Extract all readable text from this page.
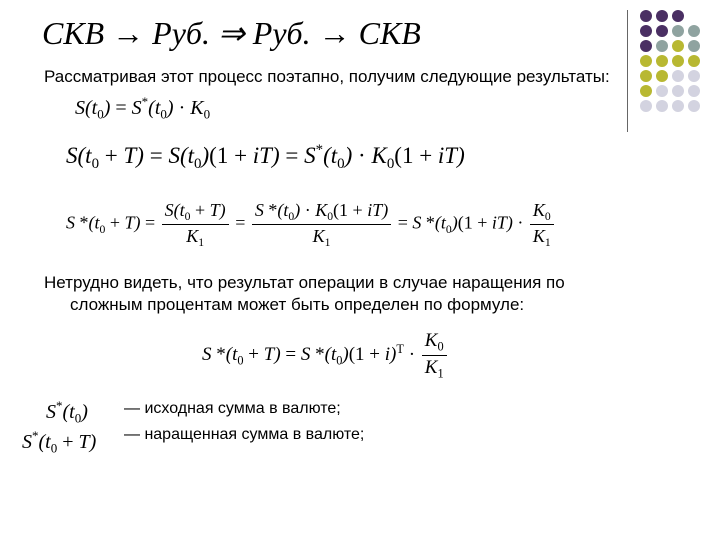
СКВ → Руб. ⇒ Руб. → СКВ
Рассматривая этот процесс поэтапно, получим следующие результаты:
$S(t_0) = S^*(t_0) \cdot K_0$
$S(t_0 + T) = S(t_0)(1 + iT) = S^*(t_0) \cdot K_0(1 + iT)$
S $*(t_0 + T) = \frac{S(t_0 + T)}{K_1} = \frac{S *(t_0) \cdot K_0(1 + iT)}{K_1} = S$ $*(t_0)(1 + iT) \cdot \frac{K_0}{K_1}$
Нетрудно видеть, что результат операции в случае наращения по
сложным процентам может быть определен по формуле:
S $*(t_0 + T) = S$ $*(t_0)(1 + i)^T \cdot \frac{K_0}{K_1}$
$S^*(t_0)$ — исходная сумма в валюте;
$S^*(t_0 + T)$ — наращенная сумма в валюте;
